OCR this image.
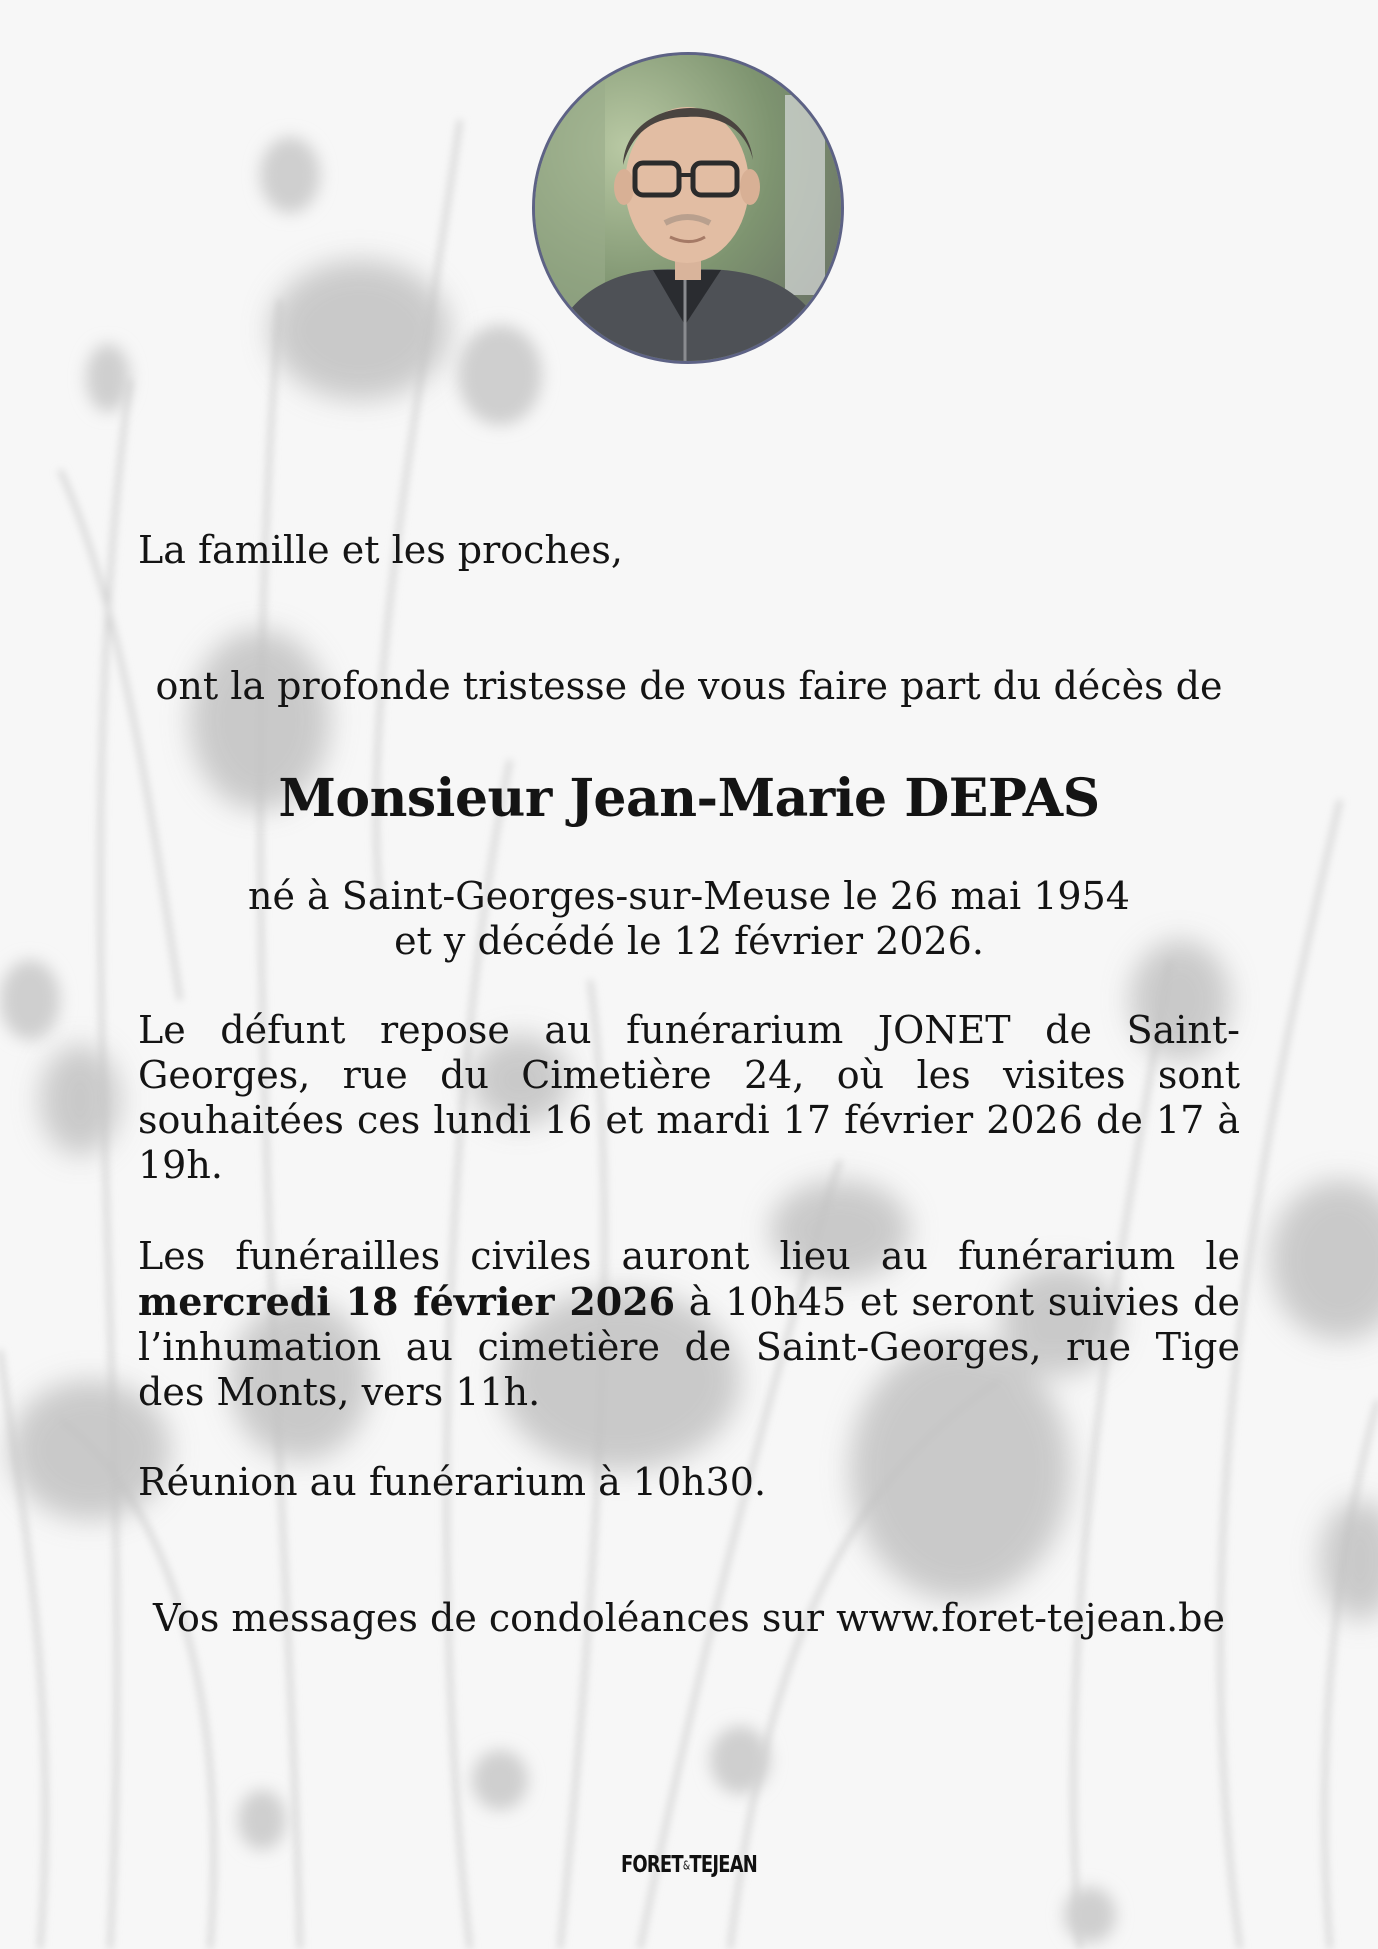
La famille et les proches,
ont la profonde tristesse de vous faire part du décès de
Monsieur Jean-Marie DEPAS
né à Saint-Georges-sur-Meuse le 26 mai 1954
et y décédé le 12 février 2026.
Le défunt repose au funérarium JONET de Saint-Georges, rue du Cimetière 24, où les visites sont souhaitées ces lundi 16 et mardi 17 février 2026 de 17 à 19h.
Les funérailles civiles auront lieu au funérarium le mercredi 18 février 2026 à 10h45 et seront suivies de l’inhumation au cimetière de Saint-Georges, rue Tige des Monts, vers 11h.
Réunion au funérarium à 10h30.
Vos messages de condoléances sur www.foret-tejean.be
FORET&TEJEAN
